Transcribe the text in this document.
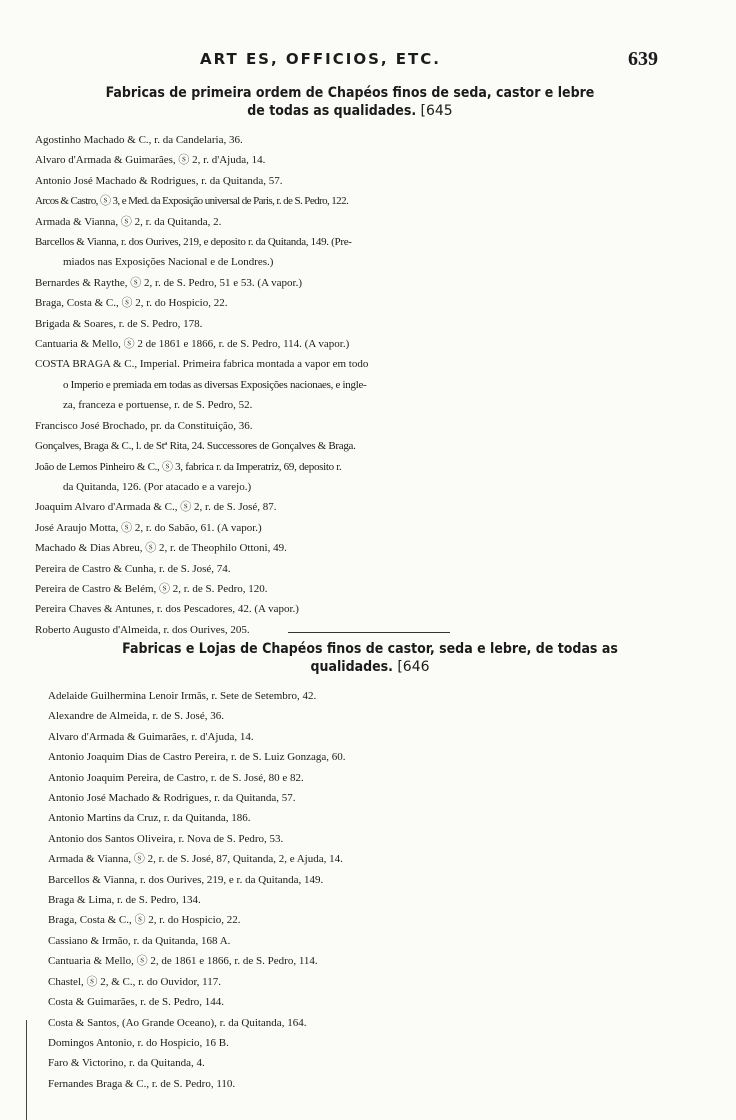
ART ES, OFFICIOS, ETC.	639
Fabricas de primeira ordem de Chapéos finos de seda, castor e lebre
de todas as qualidades. [645
Agostinho Machado & C., r. da Candelaria, 36.
Alvaro d'Armada & Guimarães, ⓢ 2, r. d'Ajuda, 14.
Antonio José Machado & Rodrigues, r. da Quitanda, 57.
Arcos & Castro, ⓢ 3, e Med. da Exposição universal de Paris, r. de S. Pedro, 122.
Armada & Vianna, ⓢ 2, r. da Quitanda, 2.
Barcellos & Vianna, r. dos Ourives, 219, e deposito r. da Quitanda, 149. (Pre-
miados nas Exposições Nacional e de Londres.)
Bernardes & Raythe, ⓢ 2, r. de S. Pedro, 51 e 53. (A vapor.)
Braga, Costa & C., ⓢ 2, r. do Hospicio, 22.
Brigada & Soares, r. de S. Pedro, 178.
Cantuaria & Mello, ⓢ 2 de 1861 e 1866, r. de S. Pedro, 114. (A vapor.)
COSTA BRAGA & C., Imperial. Primeira fabrica montada a vapor em todo
o Imperio e premiada em todas as diversas Exposições nacionaes, e ingle-
za, franceza e portuense, r. de S. Pedro, 52.
Francisco José Brochado, pr. da Constituição, 36.
Gonçalves, Braga & C., l. de Stª Rita, 24. Successores de Gonçalves & Braga.
João de Lemos Pinheiro & C., ⓢ 3, fabrica r. da Imperatriz, 69, deposito r.
da Quitanda, 126. (Por atacado e a varejo.)
Joaquim Alvaro d'Armada & C., ⓢ 2, r. de S. José, 87.
José Araujo Motta, ⓢ 2, r. do Sabão, 61. (A vapor.)
Machado & Dias Abreu, ⓢ 2, r. de Theophilo Ottoni, 49.
Pereira de Castro & Cunha, r. de S. José, 74.
Pereira de Castro & Belém, ⓢ 2, r. de S. Pedro, 120.
Pereira Chaves & Antunes, r. dos Pescadores, 42. (A vapor.)
Roberto Augusto d'Almeida, r. dos Ourives, 205.
Fabricas e Lojas de Chapéos finos de castor, seda e lebre, de todas as
qualidades. [646
Adelaide Guilhermina Lenoir Irmãs, r. Sete de Setembro, 42.
Alexandre de Almeida, r. de S. José, 36.
Alvaro d'Armada & Guimarães, r. d'Ajuda, 14.
Antonio Joaquim Dias de Castro Pereira, r. de S. Luiz Gonzaga, 60.
Antonio Joaquim Pereira, de Castro, r. de S. José, 80 e 82.
Antonio José Machado & Rodrigues, r. da Quitanda, 57.
Antonio Martins da Cruz, r. da Quitanda, 186.
Antonio dos Santos Oliveira, r. Nova de S. Pedro, 53.
Armada & Vianna, ⓢ 2, r. de S. José, 87, Quitanda, 2, e Ajuda, 14.
Barcellos & Vianna, r. dos Ourives, 219, e r. da Quitanda, 149.
Braga & Lima, r. de S. Pedro, 134.
Braga, Costa & C., ⓢ 2, r. do Hospicio, 22.
Cassiano & Irmão, r. da Quitanda, 168 A.
Cantuaria & Mello, ⓢ 2, de 1861 e 1866, r. de S. Pedro, 114.
Chastel, ⓢ 2, & C., r. do Ouvidor, 117.
Costa & Guimarães, r. de S. Pedro, 144.
Costa & Santos, (Ao Grande Oceano), r. da Quitanda, 164.
Domingos Antonio, r. do Hospicio, 16 B.
Faro & Victorino, r. da Quitanda, 4.
Fernandes Braga & C., r. de S. Pedro, 110.
